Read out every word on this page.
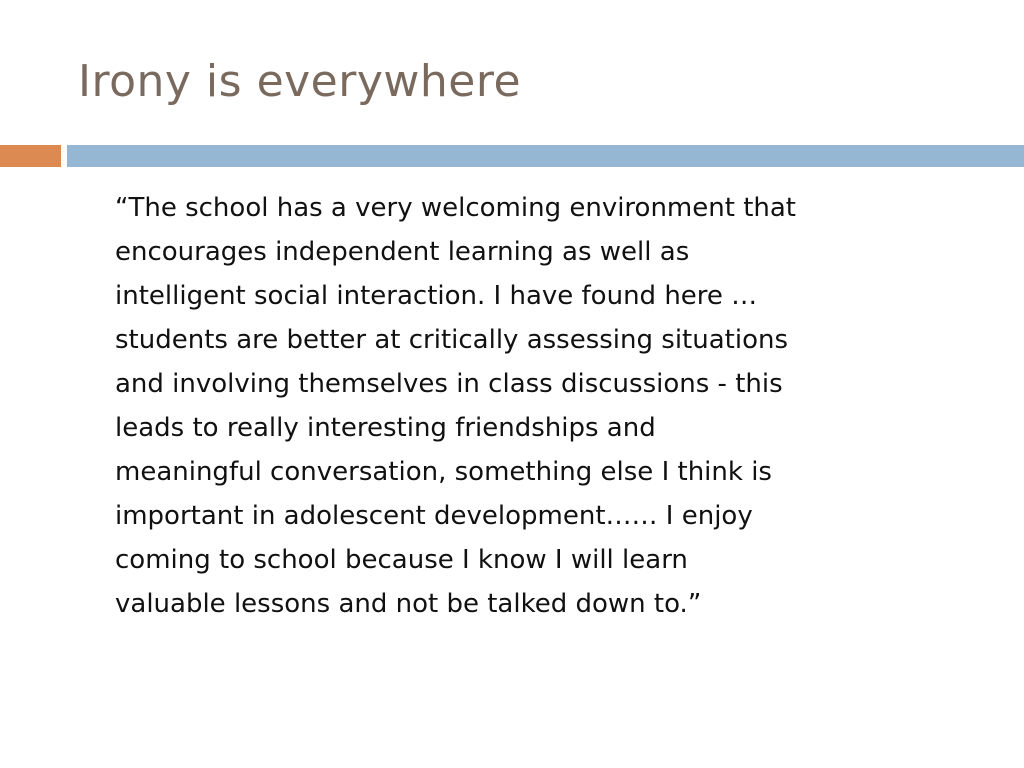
Irony is everywhere

“The school has a very welcoming environment that
encourages independent learning as well as
intelligent social interaction. I have found here …
students are better at critically assessing situations
and involving themselves in class discussions - this
leads to really interesting friendships and
meaningful conversation, something else I think is
important in adolescent development…… I enjoy
coming to school because I know I will learn
valuable lessons and not be talked down to.”
